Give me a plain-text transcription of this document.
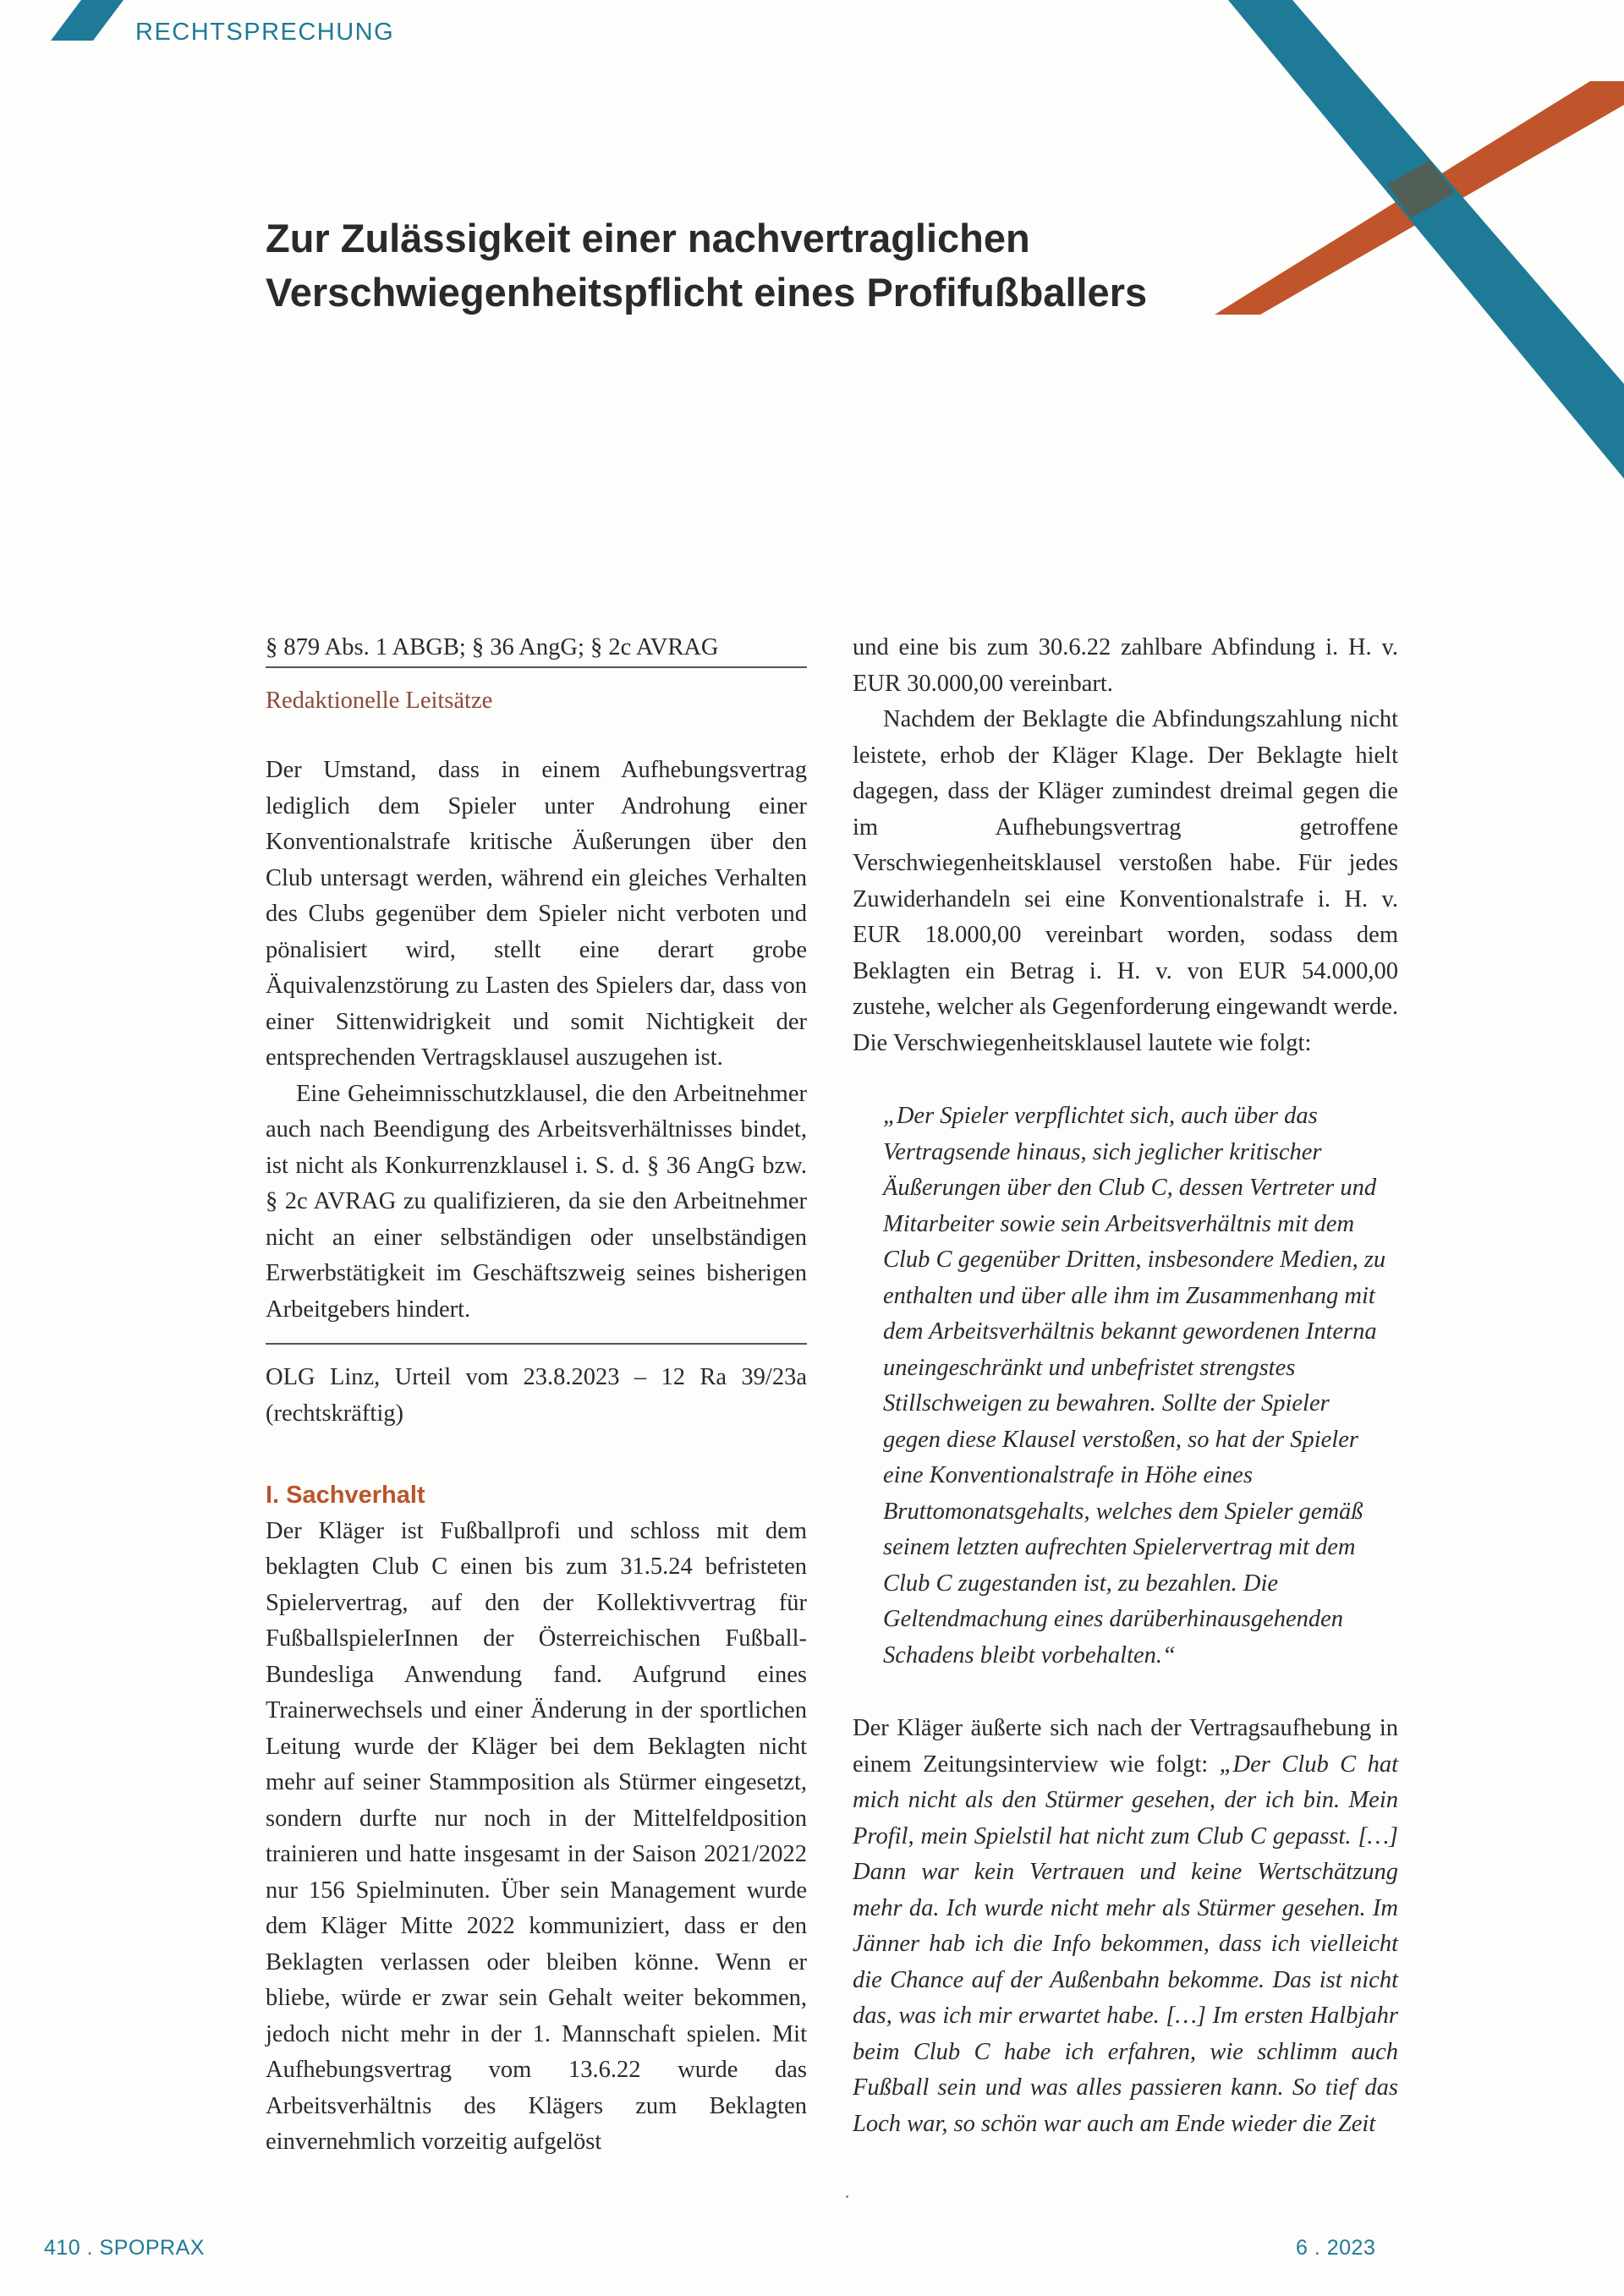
RECHTSPRECHUNG
Zur Zulässigkeit einer nachvertraglichen
Verschwiegenheitspflicht eines Profifußballers

§ 879 Abs. 1 ABGB; § 36 AngG; § 2c AVRAG

Redaktionelle Leitsätze

Der Umstand, dass in einem Aufhebungsvertrag lediglich dem Spieler unter Androhung einer Konventionalstrafe kritische Äußerungen über den Club untersagt werden, während ein gleiches Verhalten des Clubs gegenüber dem Spieler nicht verboten und pönalisiert wird, stellt eine derart grobe Äquivalenzstörung zu Lasten des Spielers dar, dass von einer Sittenwidrigkeit und somit Nichtigkeit der entsprechenden Vertragsklausel auszugehen ist.

Eine Geheimnisschutzklausel, die den Arbeitnehmer auch nach Beendigung des Arbeitsverhältnisses bindet, ist nicht als Konkurrenzklausel i. S. d. § 36 AngG bzw. § 2c AVRAG zu qualifizieren, da sie den Arbeitnehmer nicht an einer selbständigen oder unselbständigen Erwerbstätigkeit im Geschäftszweig seines bisherigen Arbeitgebers hindert.

OLG Linz, Urteil vom 23.8.2023 – 12 Ra 39/23a (rechtskräftig)

I. Sachverhalt

Der Kläger ist Fußballprofi und schloss mit dem beklagten Club C einen bis zum 31.5.24 befristeten Spielervertrag, auf den der Kollektivvertrag für FußballspielerInnen der Österreichischen Fußball-Bundesliga Anwendung fand. Aufgrund eines Trainerwechsels und einer Änderung in der sportlichen Leitung wurde der Kläger bei dem Beklagten nicht mehr auf seiner Stammposition als Stürmer eingesetzt, sondern durfte nur noch in der Mittelfeldposition trainieren und hatte insgesamt in der Saison 2021/2022 nur 156 Spielminuten. Über sein Management wurde dem Kläger Mitte 2022 kommuniziert, dass er den Beklagten verlassen oder bleiben könne. Wenn er bliebe, würde er zwar sein Gehalt weiter bekommen, jedoch nicht mehr in der 1. Mannschaft spielen. Mit Aufhebungsvertrag vom 13.6.22 wurde das Arbeitsverhältnis des Klägers zum Beklagten einvernehmlich vorzeitig aufgelöst

und eine bis zum 30.6.22 zahlbare Abfindung i. H. v. EUR 30.000,00 vereinbart.

Nachdem der Beklagte die Abfindungszahlung nicht leistete, erhob der Kläger Klage. Der Beklagte hielt dagegen, dass der Kläger zumindest dreimal gegen die im Aufhebungsvertrag getroffene Verschwiegenheitsklausel verstoßen habe. Für jedes Zuwiderhandeln sei eine Konventionalstrafe i. H. v. EUR 18.000,00 vereinbart worden, sodass dem Beklagten ein Betrag i. H. v. von EUR 54.000,00 zustehe, welcher als Gegenforderung eingewandt werde. Die Verschwiegenheitsklausel lautete wie folgt:

„Der Spieler verpflichtet sich, auch über das Vertragsende hinaus, sich jeglicher kritischer Äußerungen über den Club C, dessen Vertreter und Mitarbeiter sowie sein Arbeitsverhältnis mit dem Club C gegenüber Dritten, insbesondere Medien, zu enthalten und über alle ihm im Zusammenhang mit dem Arbeitsverhältnis bekannt gewordenen Interna uneingeschränkt und unbefristet strengstes Stillschweigen zu bewahren. Sollte der Spieler gegen diese Klausel verstoßen, so hat der Spieler eine Konventionalstrafe in Höhe eines Bruttomonatsgehalts, welches dem Spieler gemäß seinem letzten aufrechten Spielervertrag mit dem Club C zugestanden ist, zu bezahlen. Die Geltendmachung eines darüberhinausgehenden Schadens bleibt vorbehalten.“

Der Kläger äußerte sich nach der Vertragsaufhebung in einem Zeitungsinterview wie folgt: „Der Club C hat mich nicht als den Stürmer gesehen, der ich bin. Mein Profil, mein Spielstil hat nicht zum Club C gepasst. […] Dann war kein Vertrauen und keine Wertschätzung mehr da. Ich wurde nicht mehr als Stürmer gesehen. Im Jänner hab ich die Info bekommen, dass ich vielleicht die Chance auf der Außenbahn bekomme. Das ist nicht das, was ich mir erwartet habe. […] Im ersten Halbjahr beim Club C habe ich erfahren, wie schlimm auch Fußball sein und was alles passieren kann. So tief das Loch war, so schön war auch am Ende wieder die Zeit

410 . SPOPRAX	6 . 2023
